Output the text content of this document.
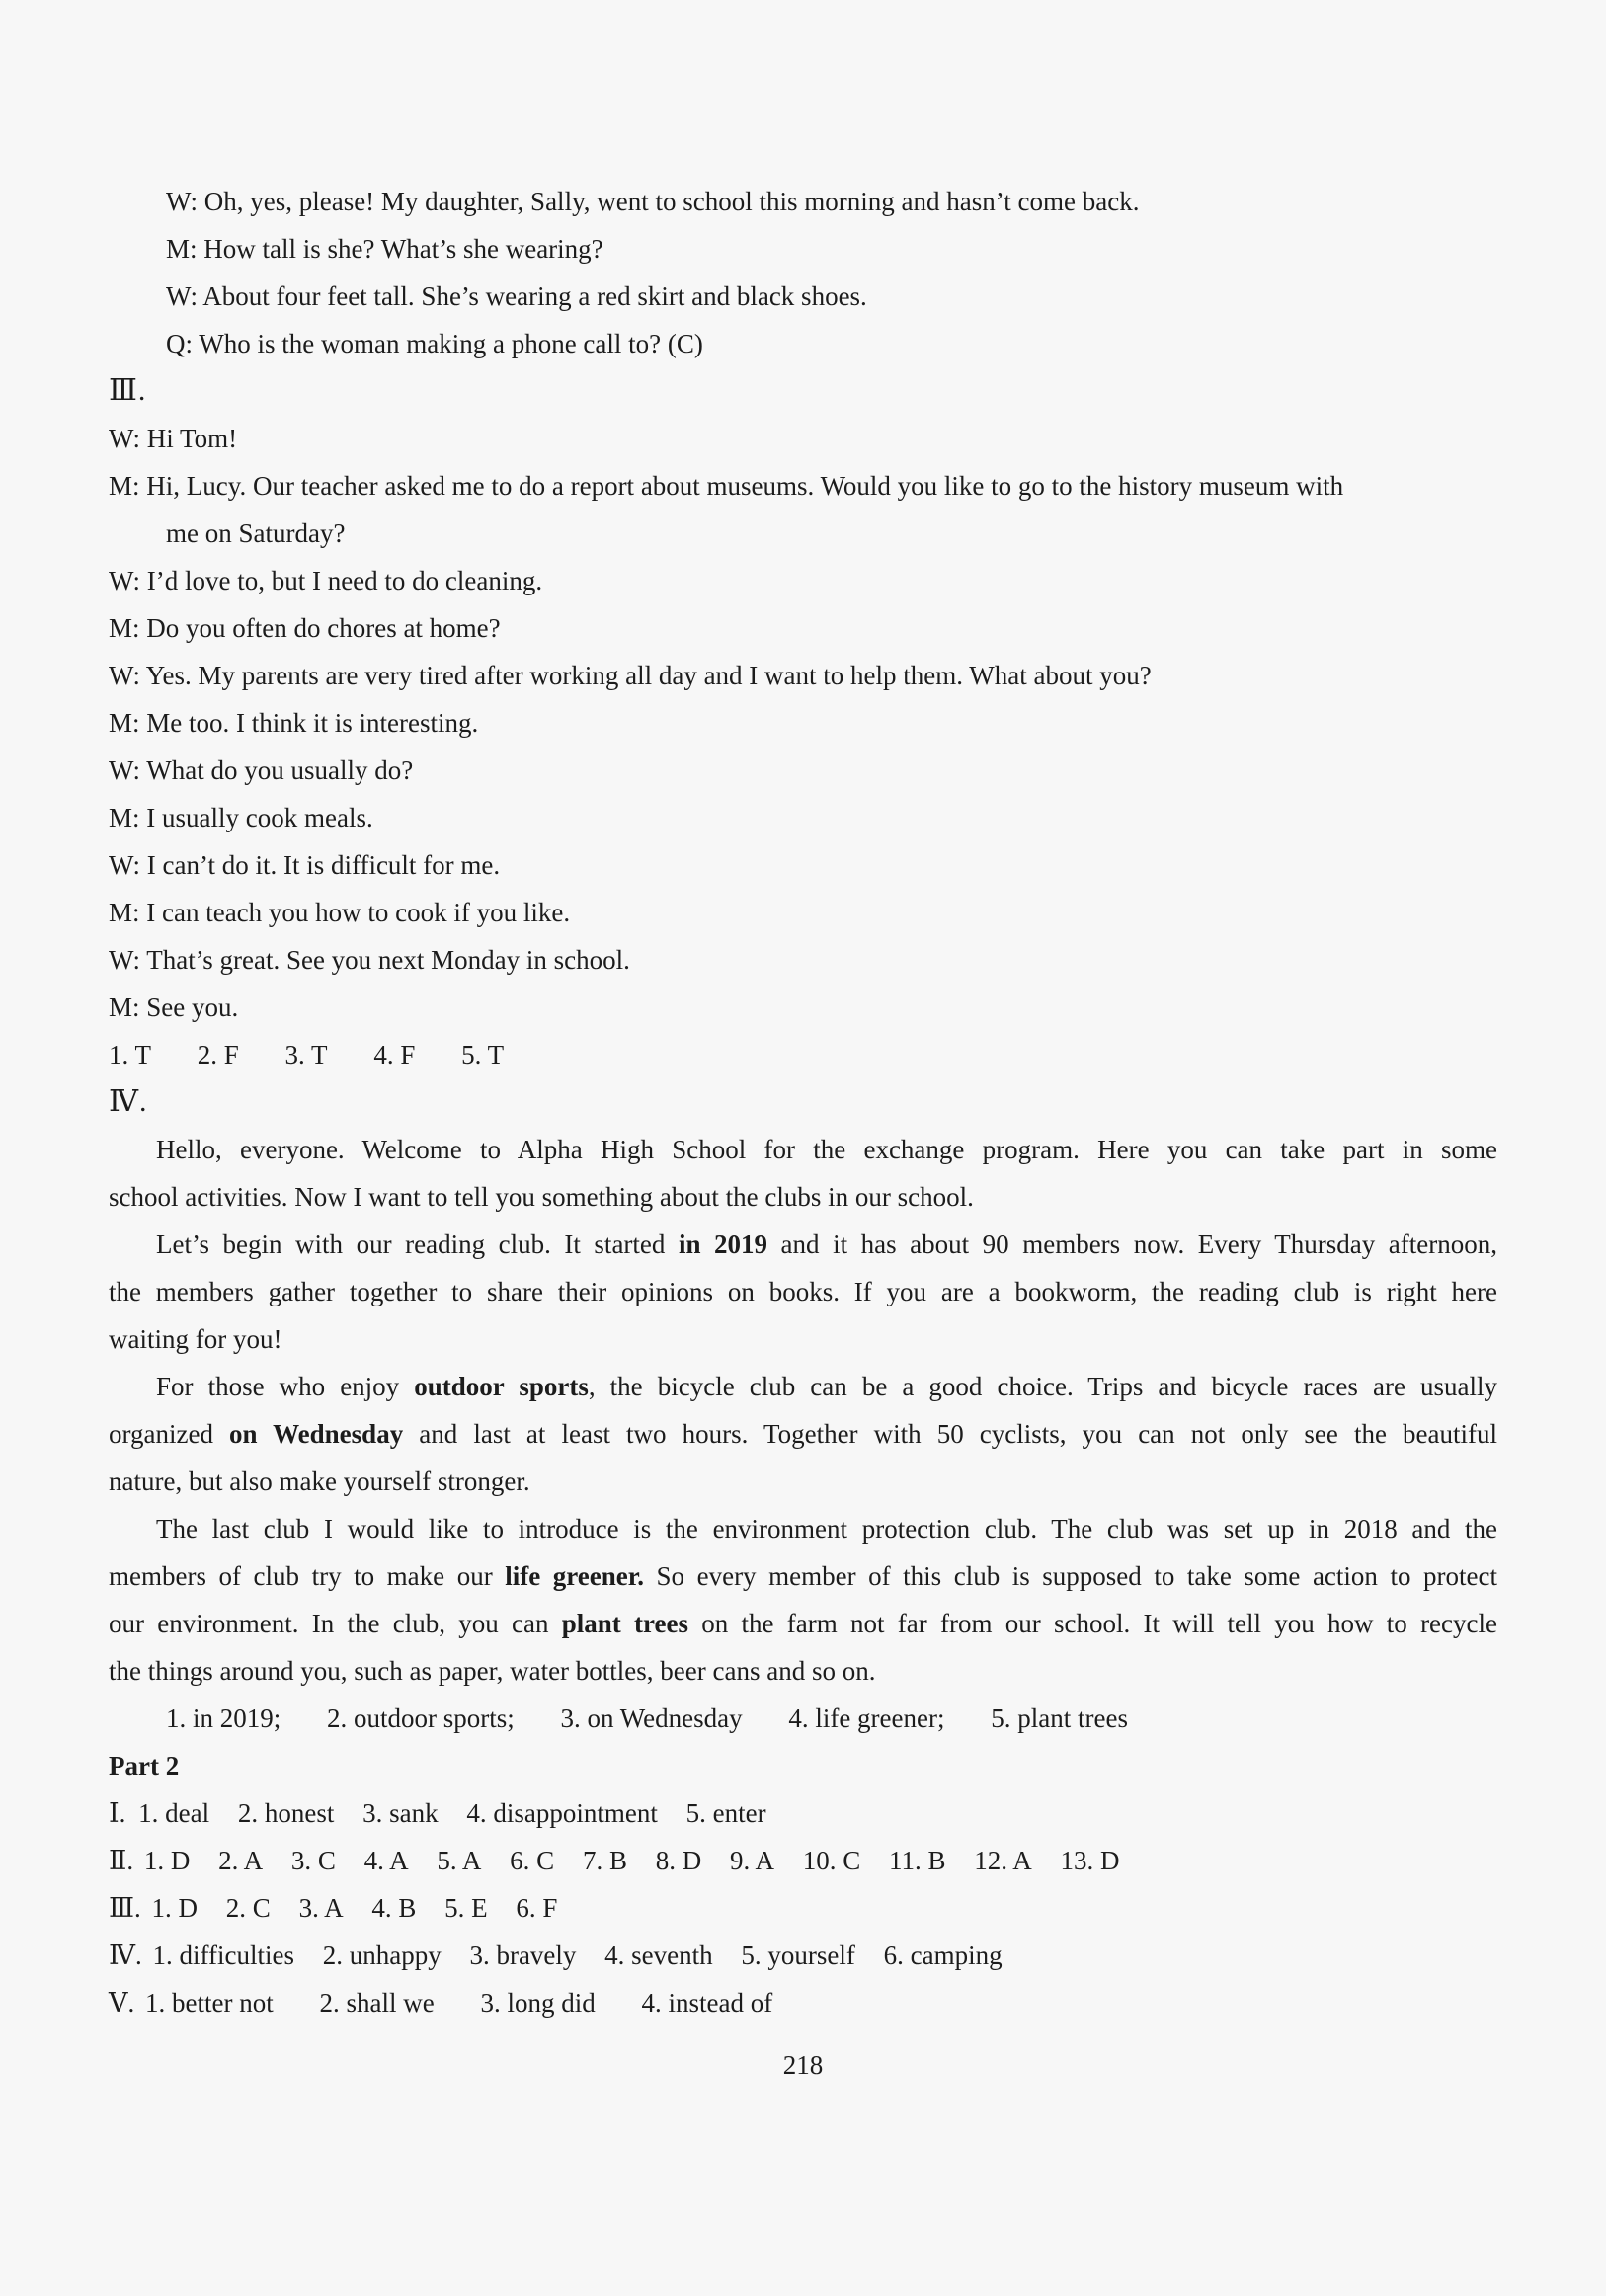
W: Oh, yes, please! My daughter, Sally, went to school this morning and hasn’t come back.
M: How tall is she? What’s she wearing?
W: About four feet tall. She’s wearing a red skirt and black shoes.
Q: Who is the woman making a phone call to? (C)
Ⅲ.
W: Hi Tom!
M: Hi, Lucy. Our teacher asked me to do a report about museums. Would you like to go to the history museum with
me on Saturday?
W: I’d love to, but I need to do cleaning.
M: Do you often do chores at home?
W: Yes. My parents are very tired after working all day and I want to help them. What about you?
M: Me too. I think it is interesting.
W: What do you usually do?
M: I usually cook meals.
W: I can’t do it. It is difficult for me.
M: I can teach you how to cook if you like.
W: That’s great. See you next Monday in school.
M: See you.
1. T 2. F 3. T 4. F 5. T
Ⅳ.
Hello, everyone. Welcome to Alpha High School for the exchange program. Here you can take part in some
school activities. Now I want to tell you something about the clubs in our school.
Let’s begin with our reading club. It started in 2019 and it has about 90 members now. Every Thursday afternoon,
the members gather together to share their opinions on books. If you are a bookworm, the reading club is right here
waiting for you!
For those who enjoy outdoor sports, the bicycle club can be a good choice. Trips and bicycle races are usually
organized on Wednesday and last at least two hours. Together with 50 cyclists, you can not only see the beautiful
nature, but also make yourself stronger.
The last club I would like to introduce is the environment protection club. The club was set up in 2018 and the
members of club try to make our life greener. So every member of this club is supposed to take some action to protect
our environment. In the club, you can plant trees on the farm not far from our school. It will tell you how to recycle
the things around you, such as paper, water bottles, beer cans and so on.
1. in 2019; 2. outdoor sports; 3. on Wednesday 4. life greener; 5. plant trees
Part 2
Ⅰ. 1. deal 2. honest 3. sank 4. disappointment 5. enter
Ⅱ. 1. D 2. A 3. C 4. A 5. A 6. C 7. B 8. D 9. A 10. C 11. B 12. A 13. D
Ⅲ. 1. D 2. C 3. A 4. B 5. E 6. F
Ⅳ. 1. difficulties 2. unhappy 3. bravely 4. seventh 5. yourself 6. camping
Ⅴ. 1. better not 2. shall we 3. long did 4. instead of
218
